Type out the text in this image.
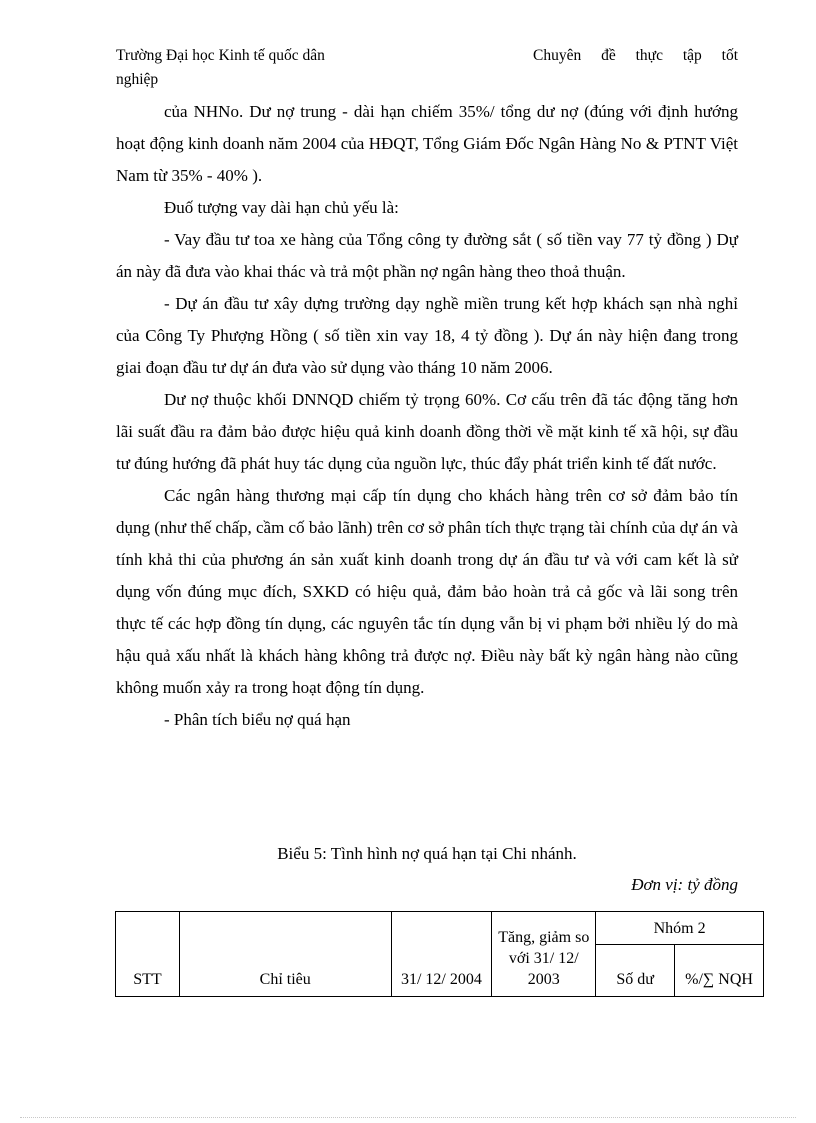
Trường Đại học Kinh tế quốc dân	Chuyên đề thực tập tốt
nghiệp

của NHNo. Dư nợ trung - dài hạn chiếm 35%/ tổng dư nợ (đúng với định hướng hoạt động kinh doanh năm 2004 của HĐQT, Tổng Giám Đốc Ngân Hàng No & PTNT Việt Nam từ 35% - 40% ).

Đuố tượng vay dài hạn chủ yếu là:

- Vay đầu tư toa xe hàng của Tổng công ty đường sắt ( số tiền vay 77 tỷ đồng ) Dự án này đã đưa vào khai thác và trả một phần nợ ngân hàng theo thoả thuận.

- Dự án đầu tư xây dựng trường dạy nghề miền trung kết hợp khách sạn nhà nghỉ của Công Ty Phượng Hồng ( số tiền xin vay 18, 4 tỷ đồng ). Dự án này hiện đang trong giai đoạn đầu tư dự án đưa vào sử dụng vào tháng 10 năm 2006.

Dư nợ thuộc khối DNNQD chiếm tỷ trọng 60%. Cơ cấu trên đã tác động tăng hơn lãi suất đầu ra đảm bảo được hiệu quả kinh doanh đồng thời về mặt kinh tế xã hội, sự đầu tư đúng hướng đã phát huy tác dụng của nguồn lực, thúc đẩy phát triển kinh tế đất nước.

Các ngân hàng thương mại cấp tín dụng cho khách hàng trên cơ sở đảm bảo tín dụng (như thế chấp, cầm cố bảo lãnh) trên cơ sở phân tích thực trạng tài chính của dự án và tính khả thi của phương án sản xuất kinh doanh trong dự án đầu tư và với cam kết là sử dụng vốn đúng mục đích, SXKD có hiệu quả, đảm bảo hoàn trả cả gốc và lãi song trên thực tế các hợp đồng tín dụng, các nguyên tắc tín dụng vẫn bị vi phạm bởi nhiều lý do mà hậu quả xấu nhất là khách hàng không trả được nợ. Điều này bất kỳ ngân hàng nào cũng không muốn xảy ra trong hoạt động tín dụng.

- Phân tích biểu nợ quá hạn

Biểu 5: Tình hình nợ quá hạn tại Chi nhánh.
Đơn vị: tỷ đồng
STT	Chỉ tiêu	31/ 12/ 2004	Tăng, giảm so với 31/ 12/ 2003	Nhóm 2	
				Số dư	%/∑ NQH
